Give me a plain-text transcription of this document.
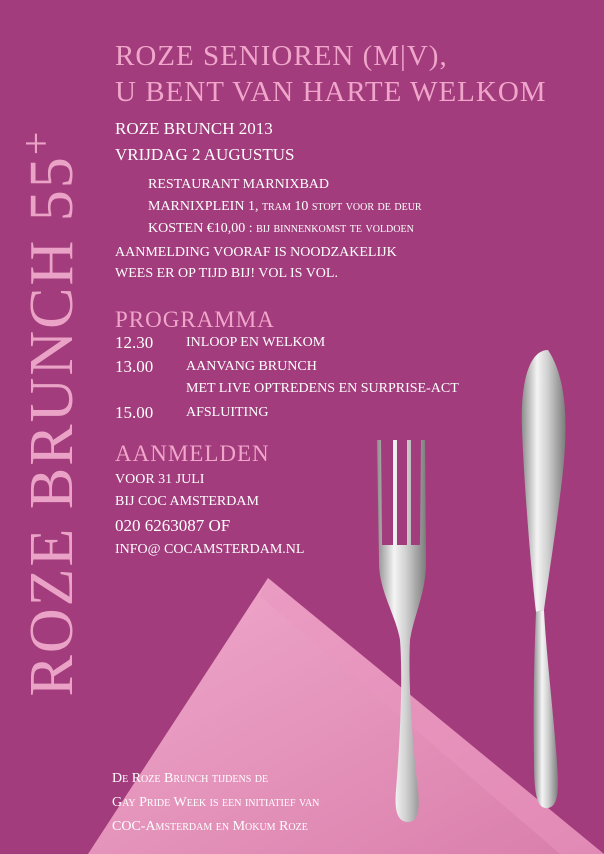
ROZE BRUNCH 55+
ROZE SENIOREN (M|V),
U BENT VAN HARTE WELKOM
ROZE BRUNCH 2013
VRIJDAG 2 AUGUSTUS
RESTAURANT MARNIXBAD
MARNIXPLEIN 1, tram 10 stopt voor de deur
KOSTEN €10,00 : bij binnenkomst te voldoen
AANMELDING VOORAF IS NOODZAKELIJK
WEES ER OP TIJD BIJ! VOL IS VOL.
PROGRAMMA
12.30 INLOOP EN WELKOM
13.00 AANVANG BRUNCH
MET LIVE OPTREDENS EN SURPRISE-ACT
15.00 AFSLUITING
AANMELDEN
VOOR 31 JULI
BIJ COC AMSTERDAM
020 6263087 OF
INFO@ COCAMSTERDAM.NL
De Roze Brunch tijdens de
Gay Pride Week is een initiatief van
COC-Amsterdam en Mokum Roze
